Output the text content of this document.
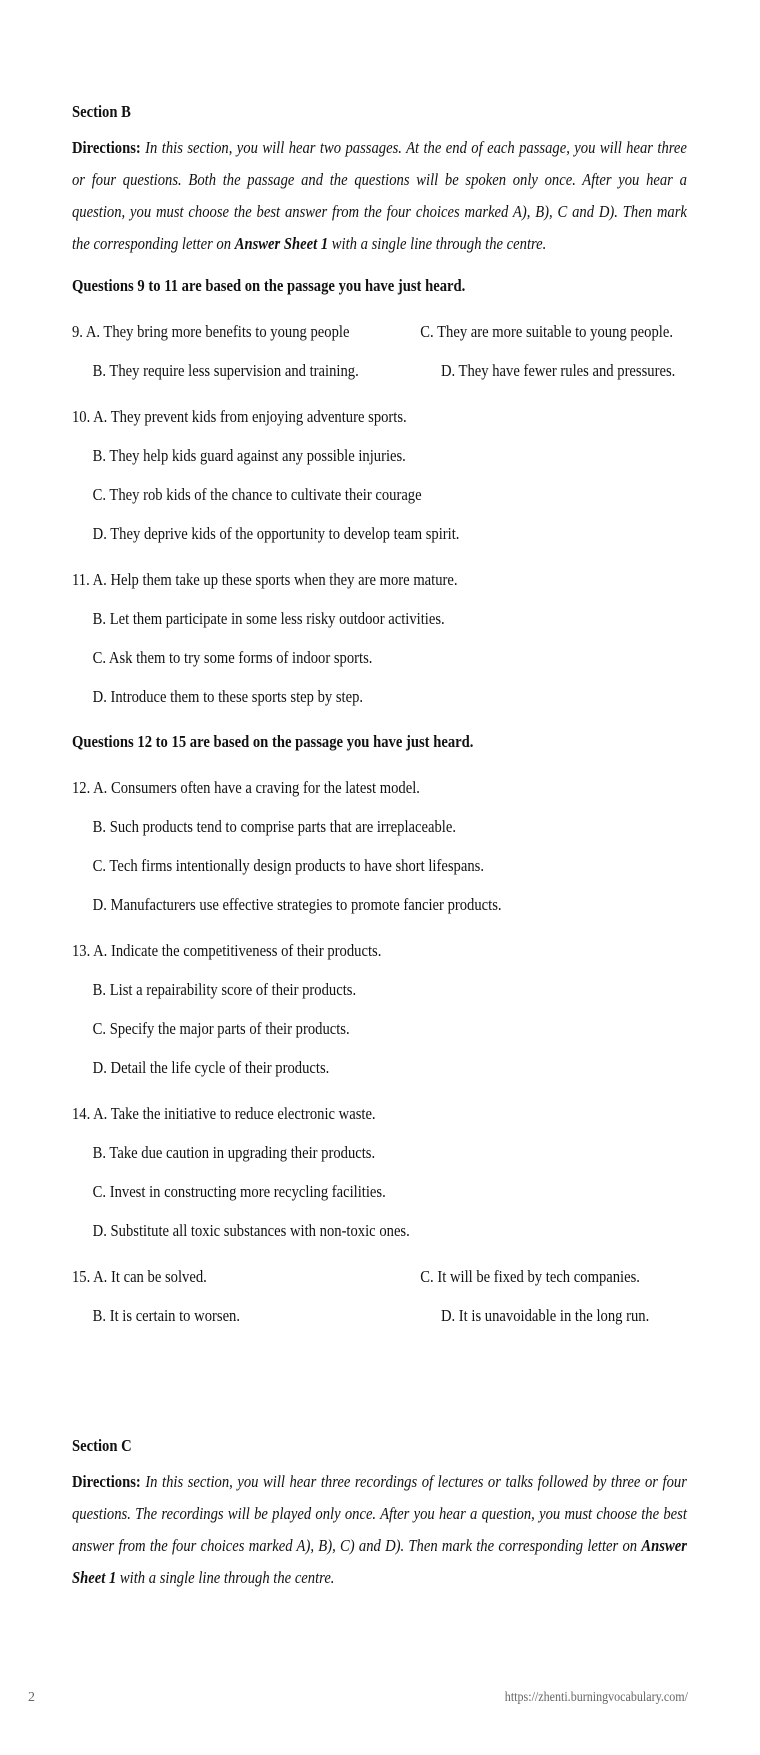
Section B
Directions: In this section, you will hear two passages. At the end of each passage, you will hear three or four questions. Both the passage and the questions will be spoken only once. After you hear a question, you must choose the best answer from the four choices marked A), B), C and D). Then mark the corresponding letter on Answer Sheet 1 with a single line through the centre.
Questions 9 to 11 are based on the passage you have just heard.
9. A. They bring more benefits to young people	C. They are more suitable to young people.
B. They require less supervision and training.	D. They have fewer rules and pressures.
10. A. They prevent kids from enjoying adventure sports.
B. They help kids guard against any possible injuries.
C. They rob kids of the chance to cultivate their courage
D. They deprive kids of the opportunity to develop team spirit.
11. A. Help them take up these sports when they are more mature.
B. Let them participate in some less risky outdoor activities.
C. Ask them to try some forms of indoor sports.
D. Introduce them to these sports step by step.
Questions 12 to 15 are based on the passage you have just heard.
12. A. Consumers often have a craving for the latest model.
B. Such products tend to comprise parts that are irreplaceable.
C. Tech firms intentionally design products to have short lifespans.
D. Manufacturers use effective strategies to promote fancier products.
13. A. Indicate the competitiveness of their products.
B. List a repairability score of their products.
C. Specify the major parts of their products.
D. Detail the life cycle of their products.
14. A. Take the initiative to reduce electronic waste.
B. Take due caution in upgrading their products.
C. Invest in constructing more recycling facilities.
D. Substitute all toxic substances with non-toxic ones.
15. A. It can be solved.	C. It will be fixed by tech companies.
B. It is certain to worsen.	D. It is unavoidable in the long run.
Section C
Directions: In this section, you will hear three recordings of lectures or talks followed by three or four questions. The recordings will be played only once. After you hear a question, you must choose the best answer from the four choices marked A), B), C) and D). Then mark the corresponding letter on Answer Sheet 1 with a single line through the centre.
2	https://zhenti.burningvocabulary.com/
